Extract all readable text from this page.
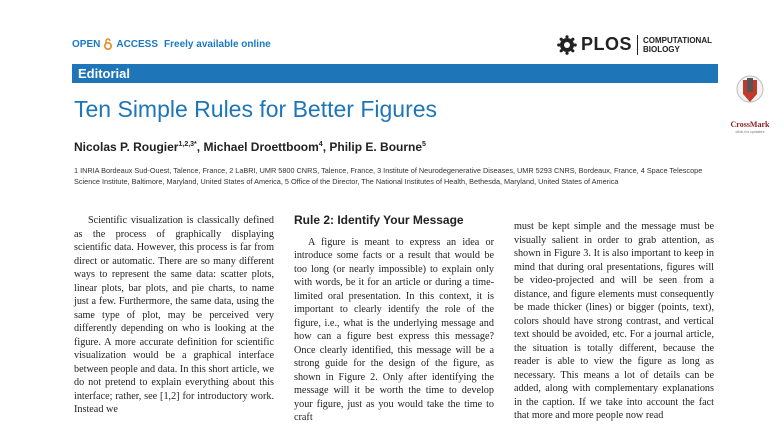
OPEN ACCESS Freely available online	PLOS COMPUTATIONAL
BIOLOGY
Editorial
Ten Simple Rules for Better Figures
CrossMark
click for updates
Nicolas P. Rougier$^{1,2,3*}$, Michael Droettboom$^4$, Philip E. Bourne$^5$
1 INRIA Bordeaux Sud-Ouest, Talence, France, 2 LaBRI, UMR 5800 CNRS, Talence, France, 3 Institute of Neurodegenerative Diseases, UMR 5293 CNRS, Bordeaux, France, 4 Space Telescope Science Institute, Baltimore, Maryland, United States of America, 5 Office of the Director, The National Institutes of Health, Bethesda, Maryland, United States of America

Scientific visualization is classically defined as the process of graphically displaying scientific data. However, this process is far from direct or automatic. There are so many different ways to represent the same data: scatter plots, linear plots, bar plots, and pie charts, to name just a few. Furthermore, the same data, using the same type of plot, may be perceived very differently depending on who is looking at the figure. A more accurate definition for scientific visualization would be a graphical interface between people and data. In this short article, we do not pretend to explain everything about this interface; rather, see [1,2] for introductory work. Instead we

Rule 2: Identify Your Message

A figure is meant to express an idea or introduce some facts or a result that would be too long (or nearly impossible) to explain only with words, be it for an article or during a time-limited oral presentation. In this context, it is important to clearly identify the role of the figure, i.e., what is the underlying message and how can a figure best express this message? Once clearly identified, this message will be a strong guide for the design of the figure, as shown in Figure 2. Only after identifying the message will it be worth the time to develop your figure, just as you would take the time to craft

must be kept simple and the message must be visually salient in order to grab attention, as shown in Figure 3. It is also important to keep in mind that during oral presentations, figures will be video-projected and will be seen from a distance, and figure elements must consequently be made thicker (lines) or bigger (points, text), colors should have strong contrast, and vertical text should be avoided, etc. For a journal article, the situation is totally different, because the reader is able to view the figure as long as necessary. This means a lot of details can be added, along with complementary explanations in the caption. If we take into account the fact that more and more people now read
